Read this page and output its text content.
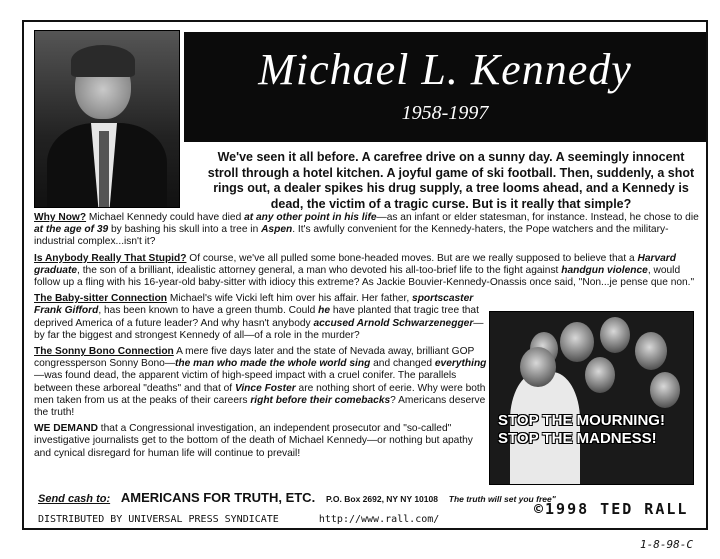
Michael L. Kennedy
1958-1997
We've seen it all before. A carefree drive on a sunny day. A seemingly innocent stroll through a hotel kitchen. A joyful game of ski football. Then, suddenly, a shot rings out, a dealer spikes his drug supply, a tree looms ahead, and a Kennedy is dead, the victim of a tragic curse. But is it really that simple?

Why Now? Michael Kennedy could have died at any other point in his life—as an infant or elder statesman, for instance. Instead, he chose to die at the age of 39 by bashing his skull into a tree in Aspen. It's awfully convenient for the Kennedy-haters, the Pope watchers and the military-industrial complex...isn't it?

Is Anybody Really That Stupid? Of course, we've all pulled some bone-headed moves. But are we really supposed to believe that a Harvard graduate, the son of a brilliant, idealistic attorney general, a man who devoted his all-too-brief life to the fight against handgun violence, would follow up a fling with his 16-year-old baby-sitter with idiocy this extreme? As Jackie Bouvier-Kennedy-Onassis once said, "Non...je pense que non."

The Baby-sitter Connection Michael's wife Vicki left him over his affair. Her father, sportscaster Frank Gifford, has been known to have a green thumb. Could he have planted that tragic tree that deprived America of a future leader? And why hasn't anybody accused Arnold Schwarzenegger—by far the biggest and strongest Kennedy of all—of a role in the murder?

The Sonny Bono Connection A mere five days later and the state of Nevada away, brilliant GOP congressperson Sonny Bono—the man who made the whole world sing and changed everything—was found dead, the apparent victim of high-speed impact with a cruel conifer. The parallels between these arboreal "deaths" and that of Vince Foster are nothing short of eerie. Why were both men taken from us at the peaks of their careers right before their comebacks? Americans deserve the truth!

WE DEMAND that a Congressional investigation, an independent prosecutor and "so-called" investigative journalists get to the bottom of the death of Michael Kennedy—or nothing but apathy and cynical disregard for human life will continue to prevail!

STOP THE MOURNING!
STOP THE MADNESS!
Send cash to: AMERICANS FOR TRUTH, ETC. P.O. Box 2692, NY NY 10108 The truth will set you free"
DISTRIBUTED BY UNIVERSAL PRESS SYNDICATE	http://www.rall.com/
©1998 TED RALL
1-8-98-C
